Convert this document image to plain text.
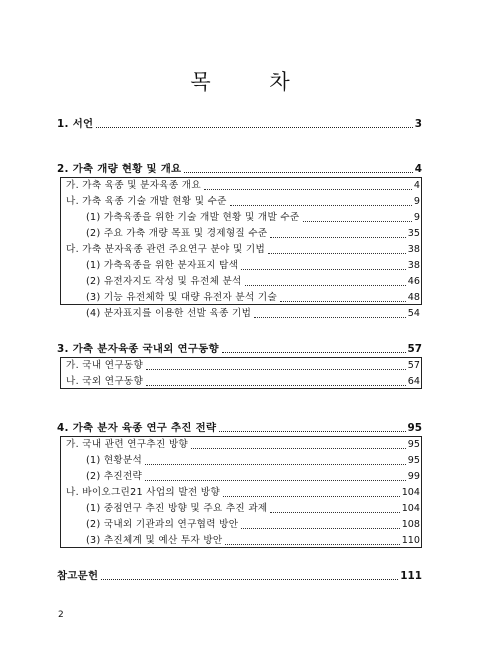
목 차
1. 서언	3
2. 가축 개량 현황 및 개요	4
가. 가축 육종 및 분자육종 개요	4
나. 가축 육종 기술 개발 현황 및 수준	9
(1) 가축육종을 위한 기술 개발 현황 및 개발 수준	9
(2) 주요 가축 개량 목표 및 경제형질 수준	35
다. 가축 분자육종 관련 주요연구 분야 및 기법	38
(1) 가축육종을 위한 분자표지 탐색	38
(2) 유전자지도 작성 및 유전체 분석	46
(3) 기능 유전체학 및 대량 유전자 분석 기술	48
(4) 분자표지를 이용한 선발 육종 기법	54
3. 가축 분자육종 국내외 연구동향	57
가. 국내 연구동향	57
나. 국외 연구동향	64
4. 가축 분자 육종 연구 추진 전략	95
가. 국내 관련 연구추진 방향	95
(1) 현황분석	95
(2) 추진전략	99
나. 바이오그린21 사업의 발전 방향	104
(1) 중점연구 추진 방향 및 주요 추진 과제	104
(2) 국내외 기관과의 연구협력 방안	108
(3) 추진체계 및 예산 투자 방안	110
참고문헌	111
2
